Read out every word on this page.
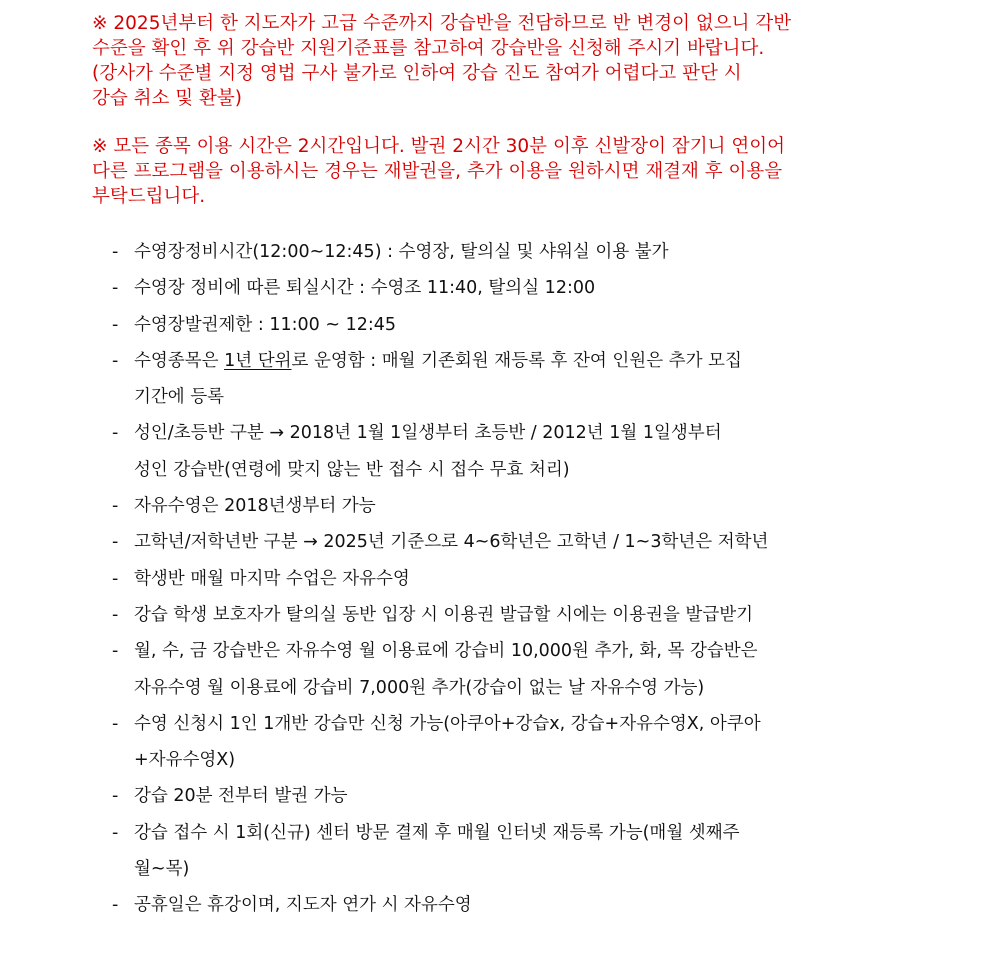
※ 2025년부터 한 지도자가 고급 수준까지 강습반을 전담하므로 반 변경이 없으니 각반
수준을 확인 후 위 강습반 지원기준표를 참고하여 강습반을 신청해 주시기 바랍니다.
(강사가 수준별 지정 영법 구사 불가로 인하여 강습 진도 참여가 어렵다고 판단 시
강습 취소 및 환불)
※ 모든 종목 이용 시간은 2시간입니다. 발권 2시간 30분 이후 신발장이 잠기니 연이어
다른 프로그램을 이용하시는 경우는 재발권을, 추가 이용을 원하시면 재결재 후 이용을
부탁드립니다.
- 수영장정비시간(12:00~12:45) : 수영장, 탈의실 및 샤워실 이용 불가
- 수영장 정비에 따른 퇴실시간 : 수영조 11:40, 탈의실 12:00
- 수영장발권제한 : 11:00 ~ 12:45
- 수영종목은 1년 단위로 운영함 : 매월 기존회원 재등록 후 잔여 인원은 추가 모집
기간에 등록
- 성인/초등반 구분 → 2018년 1월 1일생부터 초등반 / 2012년 1월 1일생부터
성인 강습반(연령에 맞지 않는 반 접수 시 접수 무효 처리)
- 자유수영은 2018년생부터 가능
- 고학년/저학년반 구분 → 2025년 기준으로 4~6학년은 고학년 / 1~3학년은 저학년
- 학생반 매월 마지막 수업은 자유수영
- 강습 학생 보호자가 탈의실 동반 입장 시 이용권 발급할 시에는 이용권을 발급받기
- 월, 수, 금 강습반은 자유수영 월 이용료에 강습비 10,000원 추가, 화, 목 강습반은
자유수영 월 이용료에 강습비 7,000원 추가(강습이 없는 날 자유수영 가능)
- 수영 신청시 1인 1개반 강습만 신청 가능(아쿠아+강습x, 강습+자유수영X, 아쿠아
+자유수영X)
- 강습 20분 전부터 발권 가능
- 강습 접수 시 1회(신규) 센터 방문 결제 후 매월 인터넷 재등록 가능(매월 셋째주
월~목)
- 공휴일은 휴강이며, 지도자 연가 시 자유수영
